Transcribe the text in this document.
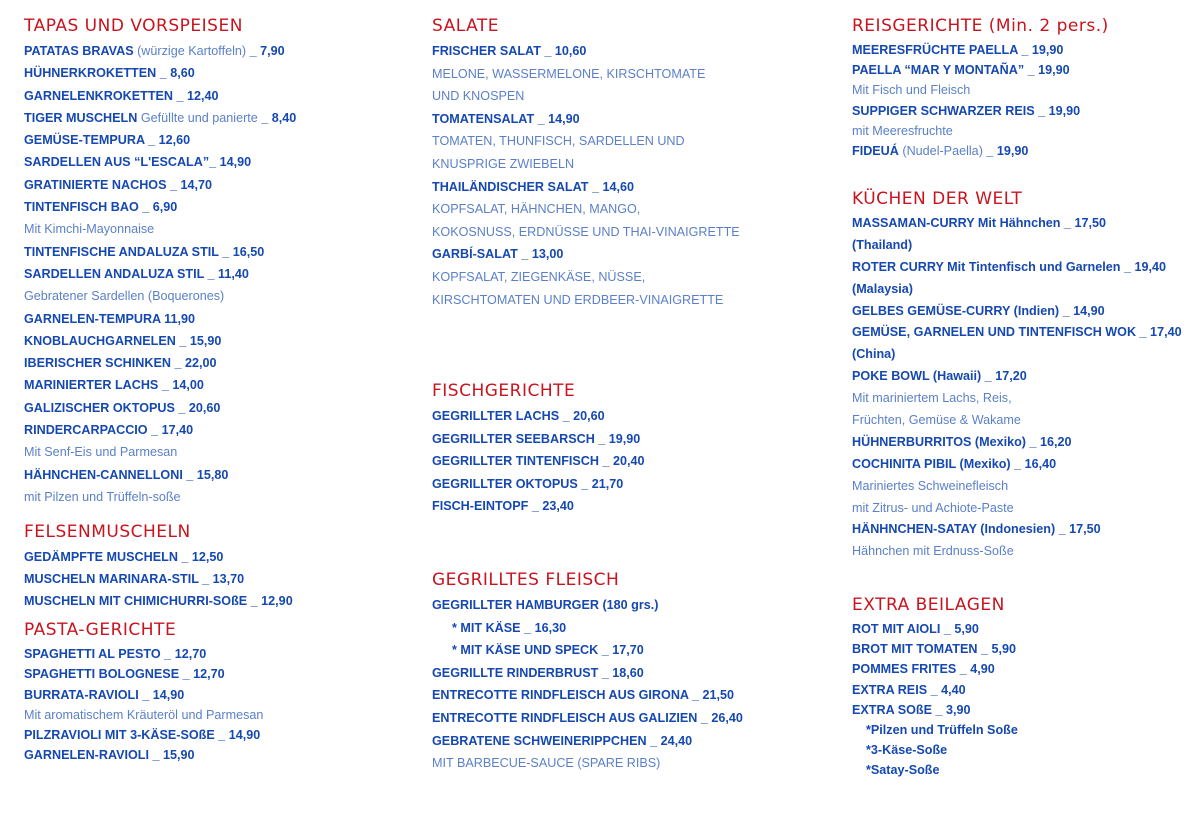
TAPAS UND VORSPEISEN
PATATAS BRAVAS (würzige Kartoffeln) _ 7,90
HÜHNERKROKETTEN _ 8,60
GARNELENKROKETTEN _ 12,40
TIGER MUSCHELN Gefüllte und panierte _ 8,40
GEMÜSE-TEMPURA _ 12,60
SARDELLEN AUS “L'ESCALA”_ 14,90
GRATINIERTE NACHOS _ 14,70
TINTENFISCH BAO _ 6,90
Mit Kimchi-Mayonnaise
TINTENFISCHE ANDALUZA STIL _ 16,50
SARDELLEN ANDALUZA STIL _ 11,40
Gebratener Sardellen (Boquerones)
GARNELEN-TEMPURA 11,90
KNOBLAUCHGARNELEN _ 15,90
IBERISCHER SCHINKEN _ 22,00
MARINIERTER LACHS _ 14,00
GALIZISCHER OKTOPUS _ 20,60
RINDERCARPACCIO _ 17,40
Mit Senf-Eis und Parmesan
HÄHNCHEN-CANNELLONI _ 15,80
mit Pilzen und Trüffeln-soße
FELSENMUSCHELN
GEDÄMPFTE MUSCHELN _ 12,50
MUSCHELN MARINARA-STIL _ 13,70
MUSCHELN MIT CHIMICHURRI-SOßE _ 12,90
PASTA-GERICHTE
SPAGHETTI AL PESTO _ 12,70
SPAGHETTI BOLOGNESE _ 12,70
BURRATA-RAVIOLI _ 14,90
Mit aromatischem Kräuteröl und Parmesan
PILZRAVIOLI MIT 3-KÄSE-SOßE _ 14,90
GARNELEN-RAVIOLI _ 15,90
SALATE
FRISCHER SALAT _ 10,60
MELONE, WASSERMELONE, KIRSCHTOMATE
UND KNOSPEN
TOMATENSALAT _ 14,90
TOMATEN, THUNFISCH, SARDELLEN UND
KNUSPRIGE ZWIEBELN
THAILÄNDISCHER SALAT _ 14,60
KOPFSALAT, HÄHNCHEN, MANGO,
KOKOSNUSS, ERDNÜSSE UND THAI-VINAIGRETTE
GARBÍ-SALAT _ 13,00
KOPFSALAT, ZIEGENKÄSE, NÜSSE,
KIRSCHTOMATEN UND ERDBEER-VINAIGRETTE
FISCHGERICHTE
GEGRILLTER LACHS _ 20,60
GEGRILLTER SEEBARSCH _ 19,90
GEGRILLTER TINTENFISCH _ 20,40
GEGRILLTER OKTOPUS _ 21,70
FISCH-EINTOPF _ 23,40
GEGRILLTES FLEISCH
GEGRILLTER HAMBURGER (180 grs.)
* MIT KÄSE _ 16,30
* MIT KÄSE UND SPECK _ 17,70
GEGRILLTE RINDERBRUST _ 18,60
ENTRECOTTE RINDFLEISCH AUS GIRONA _ 21,50
ENTRECOTTE RINDFLEISCH AUS GALIZIEN _ 26,40
GEBRATENE SCHWEINERIPPCHEN _ 24,40
MIT BARBECUE-SAUCE (SPARE RIBS)
REISGERICHTE (Min. 2 pers.)
MEERESFRÜCHTE PAELLA _ 19,90
PAELLA “MAR Y MONTAÑA” _ 19,90
Mit Fisch und Fleisch
SUPPIGER SCHWARZER REIS _ 19,90
mit Meeresfruchte
FIDEUÁ (Nudel-Paella) _ 19,90
KÜCHEN DER WELT
MASSAMAN-CURRY Mit Hähnchen _ 17,50
(Thailand)
ROTER CURRY Mit Tintenfisch und Garnelen _ 19,40
(Malaysia)
GELBES GEMÜSE-CURRY (Indien) _ 14,90
GEMÜSE, GARNELEN UND TINTENFISCH WOK _ 17,40
(China)
POKE BOWL (Hawaii) _ 17,20
Mit mariniertem Lachs, Reis,
Früchten, Gemüse & Wakame
HÜHNERBURRITOS (Mexiko) _ 16,20
COCHINITA PIBIL (Mexiko) _ 16,40
Mariniertes Schweinefleisch
mit Zitrus- und Achiote-Paste
HÄNHNCHEN-SATAY (Indonesien) _ 17,50
Hähnchen mit Erdnuss-Soße
EXTRA BEILAGEN
ROT MIT AIOLI _ 5,90
BROT MIT TOMATEN _ 5,90
POMMES FRITES _ 4,90
EXTRA REIS _ 4,40
EXTRA SOßE _ 3,90
*Pilzen und Trüffeln Soße
*3-Käse-Soße
*Satay-Soße
